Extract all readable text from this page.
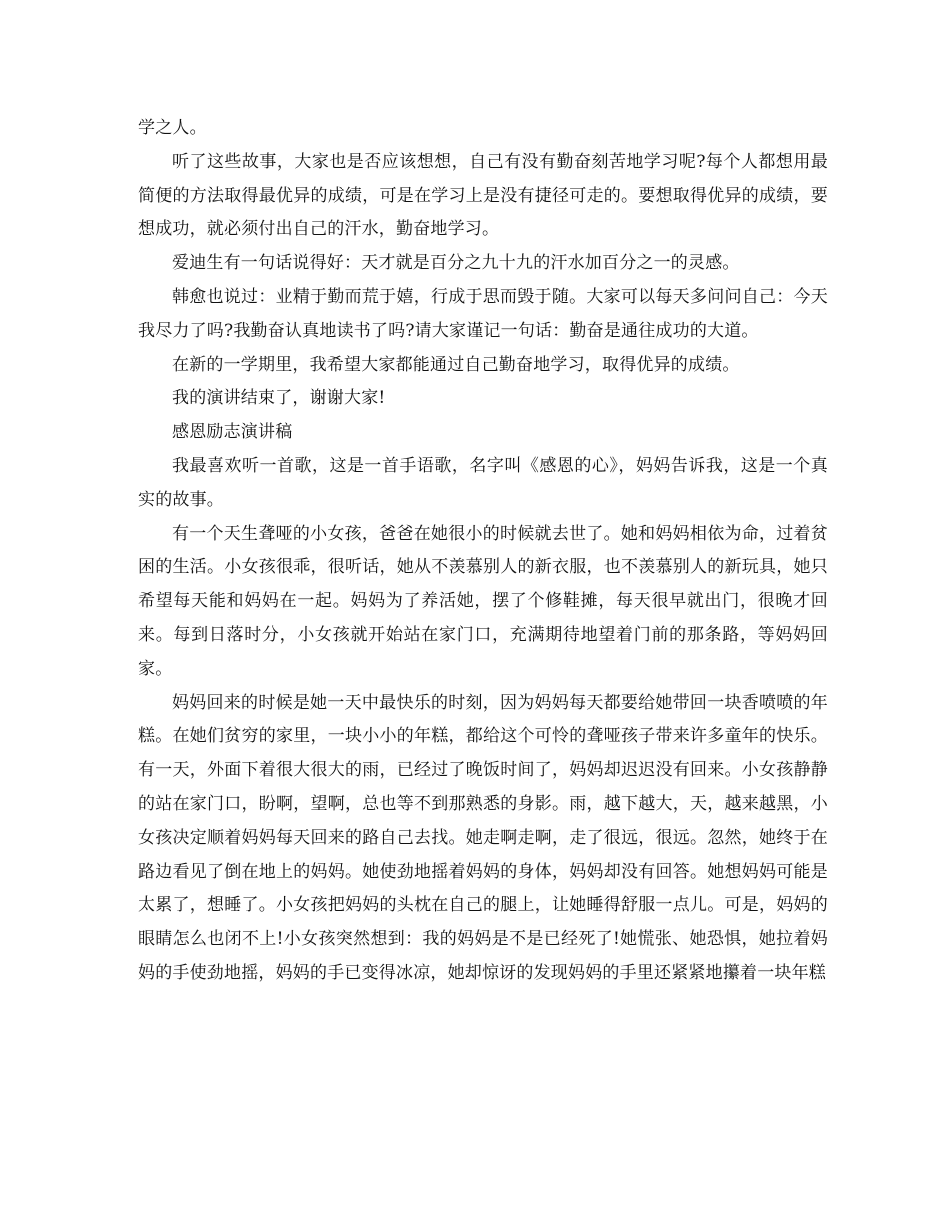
学之人。

听了这些故事，大家也是否应该想想，自己有没有勤奋刻苦地学习呢?每个人都想用最简便的方法取得最优异的成绩，可是在学习上是没有捷径可走的。要想取得优异的成绩，要想成功，就必须付出自己的汗水，勤奋地学习。

爱迪生有一句话说得好：天才就是百分之九十九的汗水加百分之一的灵感。

韩愈也说过：业精于勤而荒于嬉，行成于思而毁于随。大家可以每天多问问自己：今天我尽力了吗?我勤奋认真地读书了吗?请大家谨记一句话：勤奋是通往成功的大道。

在新的一学期里，我希望大家都能通过自己勤奋地学习，取得优异的成绩。

我的演讲结束了，谢谢大家!

感恩励志演讲稿

我最喜欢听一首歌，这是一首手语歌，名字叫《感恩的心》，妈妈告诉我，这是一个真实的故事。

有一个天生聋哑的小女孩，爸爸在她很小的时候就去世了。她和妈妈相依为命，过着贫困的生活。小女孩很乖，很听话，她从不羡慕别人的新衣服，也不羡慕别人的新玩具，她只希望每天能和妈妈在一起。妈妈为了养活她，摆了个修鞋摊，每天很早就出门，很晚才回来。每到日落时分，小女孩就开始站在家门口，充满期待地望着门前的那条路，等妈妈回家。

妈妈回来的时候是她一天中最快乐的时刻，因为妈妈每天都要给她带回一块香喷喷的年糕。在她们贫穷的家里，一块小小的年糕，都给这个可怜的聋哑孩子带来许多童年的快乐。有一天，外面下着很大很大的雨，已经过了晚饭时间了，妈妈却迟迟没有回来。小女孩静静的站在家门口，盼啊，望啊，总也等不到那熟悉的身影。雨，越下越大，天，越来越黑，小女孩决定顺着妈妈每天回来的路自己去找。她走啊走啊，走了很远，很远。忽然，她终于在路边看见了倒在地上的妈妈。她使劲地摇着妈妈的身体，妈妈却没有回答。她想妈妈可能是太累了，想睡了。小女孩把妈妈的头枕在自己的腿上，让她睡得舒服一点儿。可是，妈妈的眼睛怎么也闭不上!小女孩突然想到：我的妈妈是不是已经死了!她慌张、她恐惧，她拉着妈妈的手使劲地摇，妈妈的手已变得冰凉，她却惊讶的发现妈妈的手里还紧紧地攥着一块年糕
